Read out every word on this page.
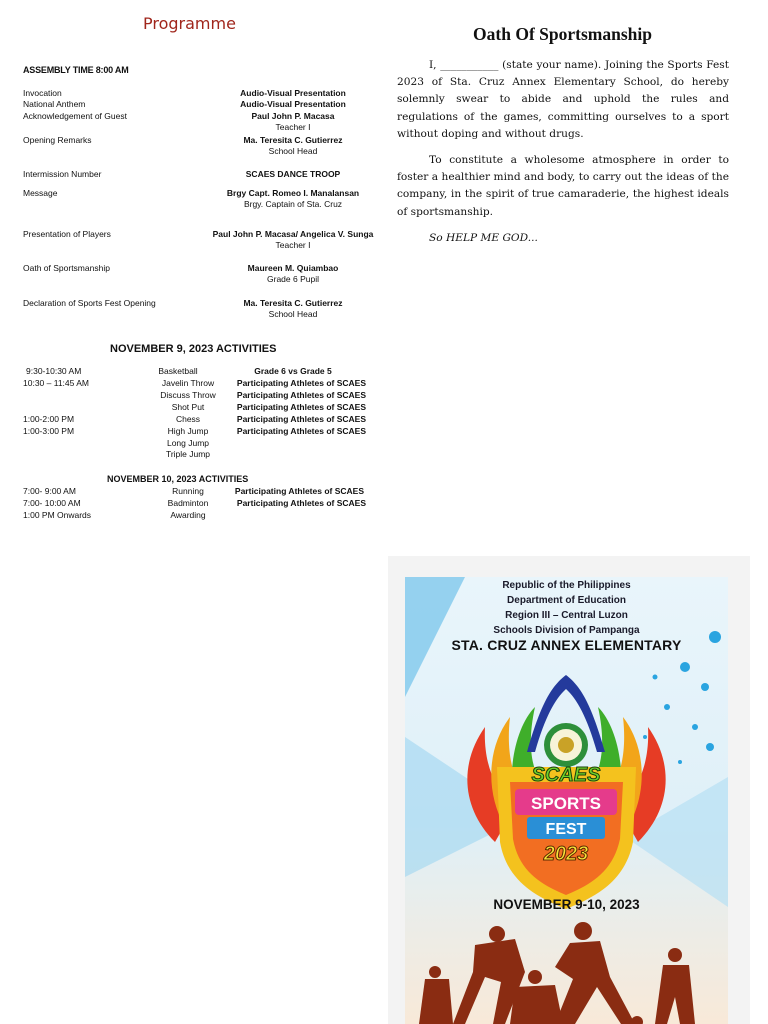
Programme
ASSEMBLY TIME 8:00 AM
Invocation	Audio-Visual Presentation
National Anthem	Audio-Visual Presentation
Acknowledgement of Guest	Paul John P. Macasa
Teacher I
Opening Remarks	Ma. Teresita C. Gutierrez
School Head
Intermission Number	SCAES DANCE TROOP
Message	Brgy Capt. Romeo I. Manalansan
Brgy. Captain of Sta. Cruz
Presentation of Players	Paul John P. Macasa/ Angelica V. Sunga
Teacher I
Oath of Sportsmanship	Maureen M. Quiambao
Grade 6 Pupil
Declaration of Sports Fest Opening	Ma. Teresita C. Gutierrez
School Head
NOVEMBER 9, 2023 ACTIVITIES
9:30-10:30 AM	Basketball	Grade 6 vs Grade 5
10:30 – 11:45 AM	Javelin Throw	Participating Athletes of SCAES
Discuss Throw	Participating Athletes of SCAES
Shot Put	Participating Athletes of SCAES
1:00-2:00 PM	Chess	Participating Athletes of SCAES
1:00-3:00 PM	High Jump	Participating Athletes of SCAES
Long Jump
Triple Jump
NOVEMBER 10, 2023 ACTIVITIES
7:00- 9:00 AM	Running	Participating Athletes of SCAES
7:00- 10:00 AM	Badminton	Participating Athletes of SCAES
1:00 PM Onwards	Awarding
Oath Of Sportsmanship
I, ___________ (state your name). Joining the Sports Fest 2023 of Sta. Cruz Annex Elementary School, do hereby solemnly swear to abide and uphold the rules and regulations of the games, committing ourselves to a sport without doping and without drugs.
To constitute a wholesome atmosphere in order to foster a healthier mind and body, to carry out the ideas of the company, in the spirit of true camaraderie, the highest ideals of sportsmanship.
So HELP ME GOD...
SCAES
SPORTS
FEST
2023
Republic of the Philippines
Department of Education
Region III – Central Luzon
Schools Division of Pampanga
STA. CRUZ ANNEX ELEMENTARY
NOVEMBER 9-10, 2023
